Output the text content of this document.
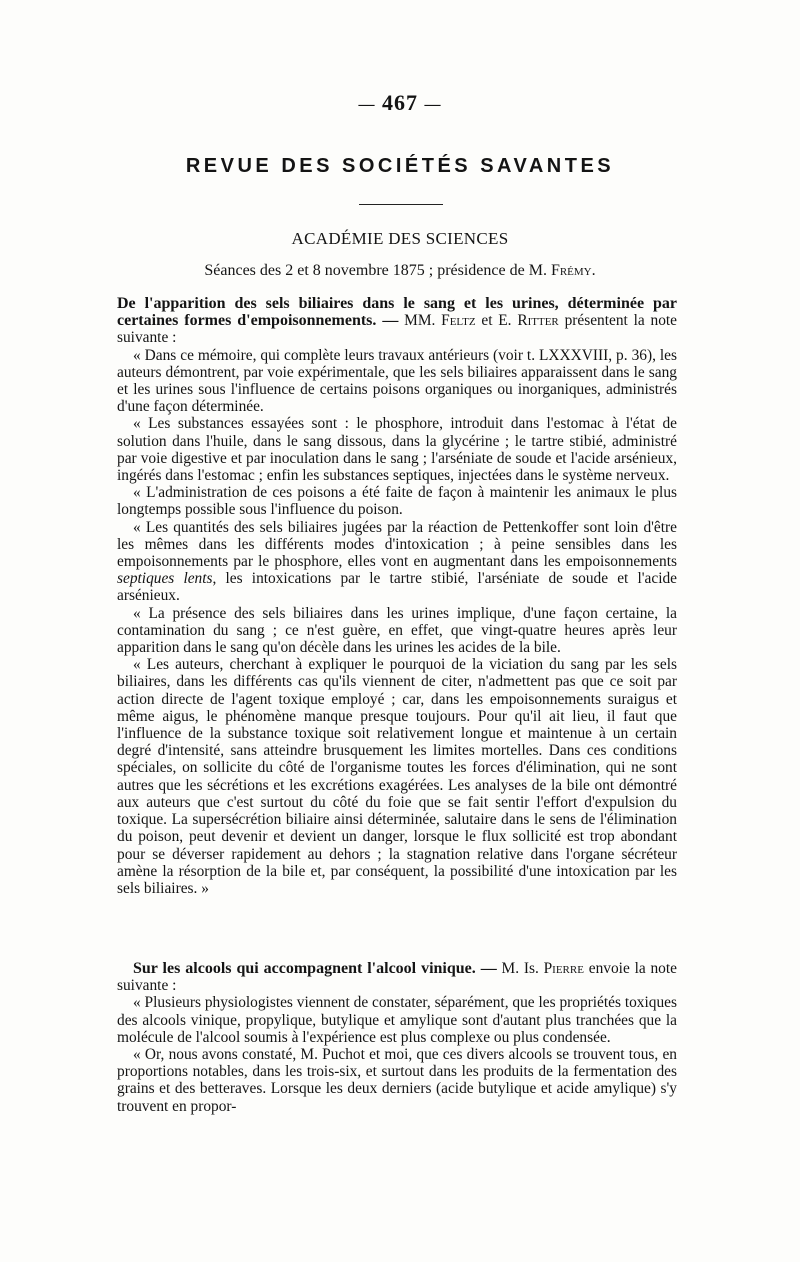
— 467 —
REVUE DES SOCIÉTÉS SAVANTES
ACADÉMIE DES SCIENCES
Séances des 2 et 8 novembre 1875 ; présidence de M. Frémy.

De l'apparition des sels biliaires dans le sang et les urines, déterminée par certaines formes d'empoisonnements. — MM. Feltz et E. Ritter présentent la note suivante :

« Dans ce mémoire, qui complète leurs travaux antérieurs (voir t. LXXXVIII, p. 36), les auteurs démontrent, par voie expérimentale, que les sels biliaires apparaissent dans le sang et les urines sous l'influence de certains poisons organiques ou inorganiques, administrés d'une façon déterminée.

« Les substances essayées sont : le phosphore, introduit dans l'estomac à l'état de solution dans l'huile, dans le sang dissous, dans la glycérine ; le tartre stibié, administré par voie digestive et par inoculation dans le sang ; l'arséniate de soude et l'acide arsénieux, ingérés dans l'estomac ; enfin les substances septiques, injectées dans le système nerveux.

« L'administration de ces poisons a été faite de façon à maintenir les animaux le plus longtemps possible sous l'influence du poison.

« Les quantités des sels biliaires jugées par la réaction de Pettenkoffer sont loin d'être les mêmes dans les différents modes d'intoxication ; à peine sensibles dans les empoisonnements par le phosphore, elles vont en augmentant dans les empoisonnements septiques lents, les intoxications par le tartre stibié, l'arséniate de soude et l'acide arsénieux.

« La présence des sels biliaires dans les urines implique, d'une façon certaine, la contamination du sang ; ce n'est guère, en effet, que vingt-quatre heures après leur apparition dans le sang qu'on décèle dans les urines les acides de la bile.

« Les auteurs, cherchant à expliquer le pourquoi de la viciation du sang par les sels biliaires, dans les différents cas qu'ils viennent de citer, n'admettent pas que ce soit par action directe de l'agent toxique employé ; car, dans les empoisonnements suraigus et même aigus, le phénomène manque presque toujours. Pour qu'il ait lieu, il faut que l'influence de la substance toxique soit relativement longue et maintenue à un certain degré d'intensité, sans atteindre brusquement les limites mortelles. Dans ces conditions spéciales, on sollicite du côté de l'organisme toutes les forces d'élimination, qui ne sont autres que les sécrétions et les excrétions exagérées. Les analyses de la bile ont démontré aux auteurs que c'est surtout du côté du foie que se fait sentir l'effort d'expulsion du toxique. La supersécrétion biliaire ainsi déterminée, salutaire dans le sens de l'élimination du poison, peut devenir et devient un danger, lorsque le flux sollicité est trop abondant pour se déverser rapidement au dehors ; la stagnation relative dans l'organe sécréteur amène la résorption de la bile et, par conséquent, la possibilité d'une intoxication par les sels biliaires. »

Sur les alcools qui accompagnent l'alcool vinique. — M. Is. Pierre envoie la note suivante :

« Plusieurs physiologistes viennent de constater, séparément, que les propriétés toxiques des alcools vinique, propylique, butylique et amylique sont d'autant plus tranchées que la molécule de l'alcool soumis à l'expérience est plus complexe ou plus condensée.

« Or, nous avons constaté, M. Puchot et moi, que ces divers alcools se trouvent tous, en proportions notables, dans les trois-six, et surtout dans les produits de la fermentation des grains et des betteraves. Lorsque les deux derniers (acide butylique et acide amylique) s'y trouvent en propor-
